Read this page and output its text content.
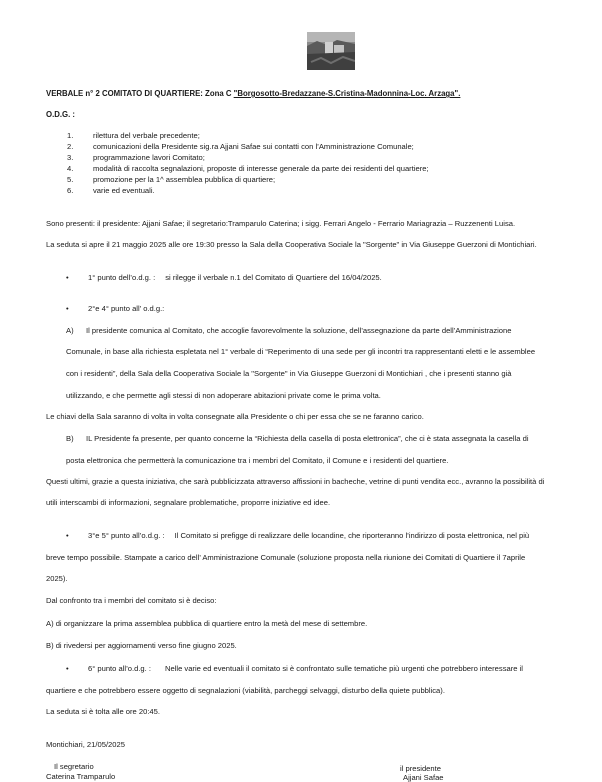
VERBALE n° 2 COMITATO DI QUARTIERE: Zona C "Borgosotto-Bredazzane-S.Cristina-Madonnina-Loc. Arzaga".
O.D.G. :
1.	rilettura del verbale precedente;
2.	comunicazioni della Presidente sig.ra Ajjani Safae sui contatti con l’Amministrazione Comunale;
3.	programmazione lavori Comitato;
4.	modalità di raccolta segnalazioni, proposte di interesse generale da parte dei residenti del quartiere;
5.	promozione per la 1^ assemblea pubblica di quartiere;
6.	varie ed eventuali.
Sono presenti: il presidente: Ajjani Safae; il segretario:Tramparulo Caterina; i sigg. Ferrari Angelo - Ferrario Mariagrazia – Ruzzenenti Luisa.
La seduta si apre il 21 maggio 2025 alle ore 19:30 presso la Sala della Cooperativa Sociale la "Sorgente" in Via Giuseppe Guerzoni di Montichiari.
•	1° punto dell’o.d.g. : si rilegge il verbale n.1 del Comitato di Quartiere del 16/04/2025.
•	2°e 4° punto all’ o.d.g.:
A) Il presidente comunica al Comitato, che accoglie favorevolmente la soluzione, dell’assegnazione da parte dell’Amministrazione
Comunale, in base alla richiesta espletata nel 1° verbale di “Reperimento di una sede per gli incontri tra rappresentanti eletti e le assemblee
con i residenti”, della Sala della Cooperativa Sociale la "Sorgente" in Via Giuseppe Guerzoni di Montichiari , che i presenti stanno già
utilizzando, e che permette agli stessi di non adoperare abitazioni private come le prima volta.
Le chiavi della Sala saranno di volta in volta consegnate alla Presidente o chi per essa che se ne faranno carico.
B) IL Presidente fa presente, per quanto concerne la “Richiesta della casella di posta elettronica”, che ci è stata assegnata la casella di
posta elettronica che permetterà la comunicazione tra i membri del Comitato, il Comune e i residenti del quartiere.
Questi ultimi, grazie a questa iniziativa, che sarà pubblicizzata attraverso affissioni in bacheche, vetrine di punti vendita ecc., avranno la possibilità di
utili interscambi di informazioni, segnalare problematiche, proporre iniziative ed idee.
•	3°e 5° punto all’o.d.g. : Il Comitato si prefigge di realizzare delle locandine, che riporteranno l’indirizzo di posta elettronica, nel più
breve tempo possibile. Stampate a carico dell’ Amministrazione Comunale (soluzione proposta nella riunione dei Comitati di Quartiere il 7aprile
2025).
Dal confronto tra i membri del comitato si è deciso:
A) di organizzare la prima assemblea pubblica di quartiere entro la metà del mese di settembre.
B) di rivedersi per aggiornamenti verso fine giugno 2025.
•	6° punto all’o.d.g. : Nelle varie ed eventuali il comitato si è confrontato sulle tematiche più urgenti che potrebbero interessare il
quartiere e che potrebbero essere oggetto di segnalazioni (viabilità, parcheggi selvaggi, disturbo della quiete pubblica).
La seduta si è tolta alle ore 20:45.
Montichiari, 21/05/2025
Il segretario
Caterina Tramparulo
il presidente
Ajjani Safae
